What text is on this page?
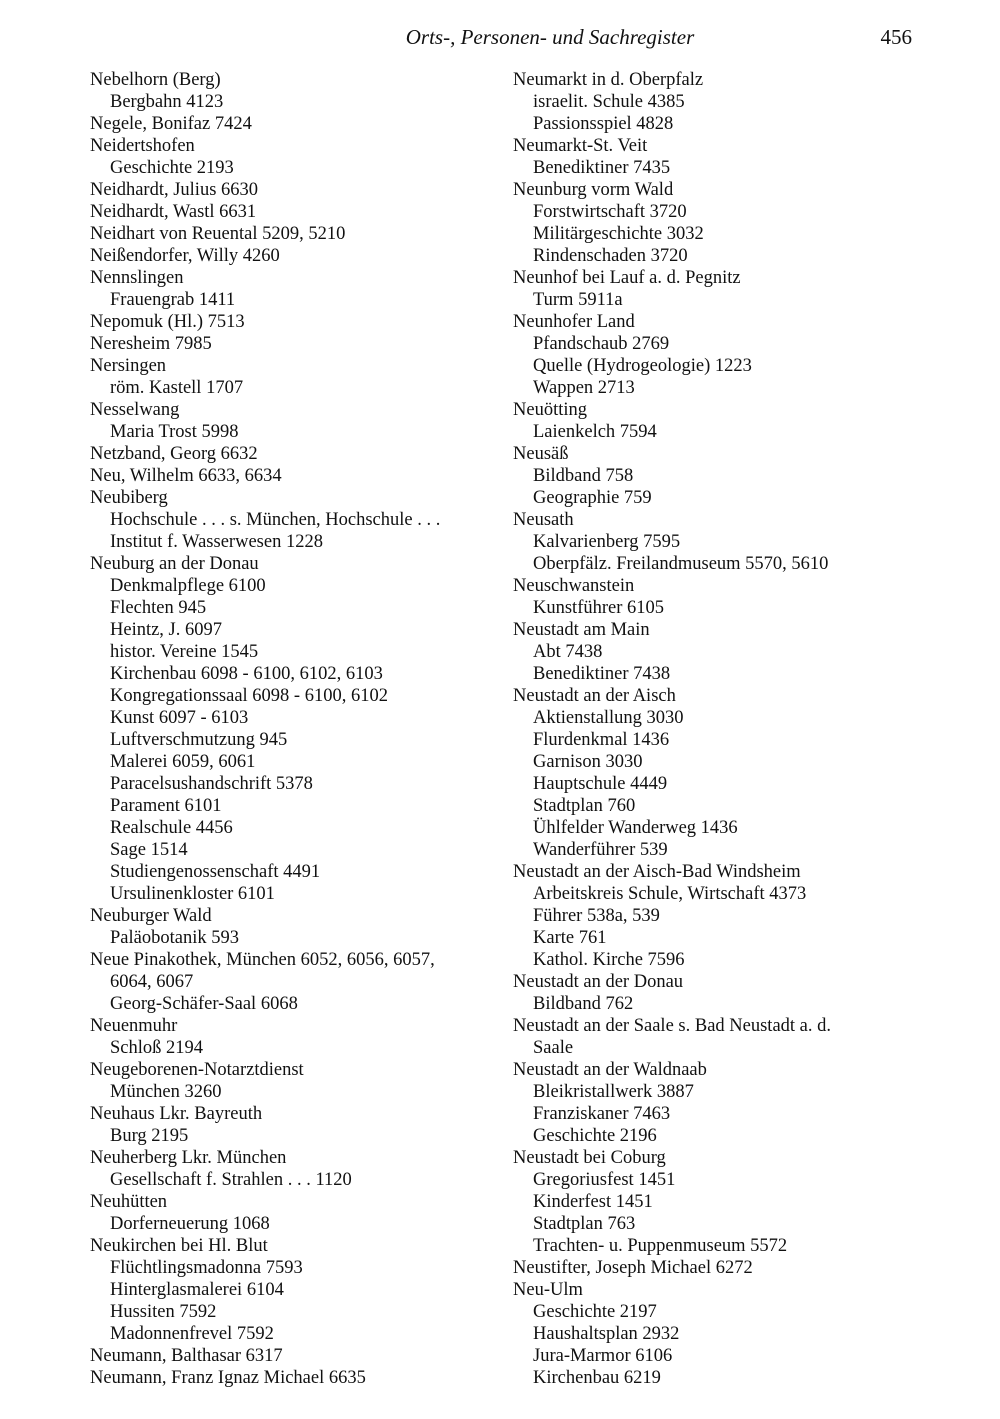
Orts-, Personen- und Sachregister	456
Nebelhorn (Berg)
Bergbahn 4123
Negele, Bonifaz 7424
Neidertshofen
Geschichte 2193
Neidhardt, Julius 6630
Neidhardt, Wastl 6631
Neidhart von Reuental 5209, 5210
Neißendorfer, Willy 4260
Nennslingen
Frauengrab 1411
Nepomuk (Hl.) 7513
Neresheim 7985
Nersingen
röm. Kastell 1707
Nesselwang
Maria Trost 5998
Netzband, Georg 6632
Neu, Wilhelm 6633, 6634
Neubiberg
Hochschule . . . s. München, Hochschule . . .
Institut f. Wasserwesen 1228
Neuburg an der Donau
Denkmalpflege 6100
Flechten 945
Heintz, J. 6097
histor. Vereine 1545
Kirchenbau 6098 - 6100, 6102, 6103
Kongregationssaal 6098 - 6100, 6102
Kunst 6097 - 6103
Luftverschmutzung 945
Malerei 6059, 6061
Paracelsushandschrift 5378
Parament 6101
Realschule 4456
Sage 1514
Studiengenossenschaft 4491
Ursulinenkloster 6101
Neuburger Wald
Paläobotanik 593
Neue Pinakothek, München 6052, 6056, 6057,
6064, 6067
Georg-Schäfer-Saal 6068
Neuenmuhr
Schloß 2194
Neugeborenen-Notarztdienst
München 3260
Neuhaus Lkr. Bayreuth
Burg 2195
Neuherberg Lkr. München
Gesellschaft f. Strahlen . . . 1120
Neuhütten
Dorferneuerung 1068
Neukirchen bei Hl. Blut
Flüchtlingsmadonna 7593
Hinterglasmalerei 6104
Hussiten 7592
Madonnenfrevel 7592
Neumann, Balthasar 6317
Neumann, Franz Ignaz Michael 6635
Neumarkt in d. Oberpfalz
israelit. Schule 4385
Passionsspiel 4828
Neumarkt-St. Veit
Benediktiner 7435
Neunburg vorm Wald
Forstwirtschaft 3720
Militärgeschichte 3032
Rindenschaden 3720
Neunhof bei Lauf a. d. Pegnitz
Turm 5911a
Neunhofer Land
Pfandschaub 2769
Quelle (Hydrogeologie) 1223
Wappen 2713
Neuötting
Laienkelch 7594
Neusäß
Bildband 758
Geographie 759
Neusath
Kalvarienberg 7595
Oberpfälz. Freilandmuseum 5570, 5610
Neuschwanstein
Kunstführer 6105
Neustadt am Main
Abt 7438
Benediktiner 7438
Neustadt an der Aisch
Aktienstallung 3030
Flurdenkmal 1436
Garnison 3030
Hauptschule 4449
Stadtplan 760
Ühlfelder Wanderweg 1436
Wanderführer 539
Neustadt an der Aisch-Bad Windsheim
Arbeitskreis Schule, Wirtschaft 4373
Führer 538a, 539
Karte 761
Kathol. Kirche 7596
Neustadt an der Donau
Bildband 762
Neustadt an der Saale s. Bad Neustadt a. d.
Saale
Neustadt an der Waldnaab
Bleikristallwerk 3887
Franziskaner 7463
Geschichte 2196
Neustadt bei Coburg
Gregoriusfest 1451
Kinderfest 1451
Stadtplan 763
Trachten- u. Puppenmuseum 5572
Neustifter, Joseph Michael 6272
Neu-Ulm
Geschichte 2197
Haushaltsplan 2932
Jura-Marmor 6106
Kirchenbau 6219
